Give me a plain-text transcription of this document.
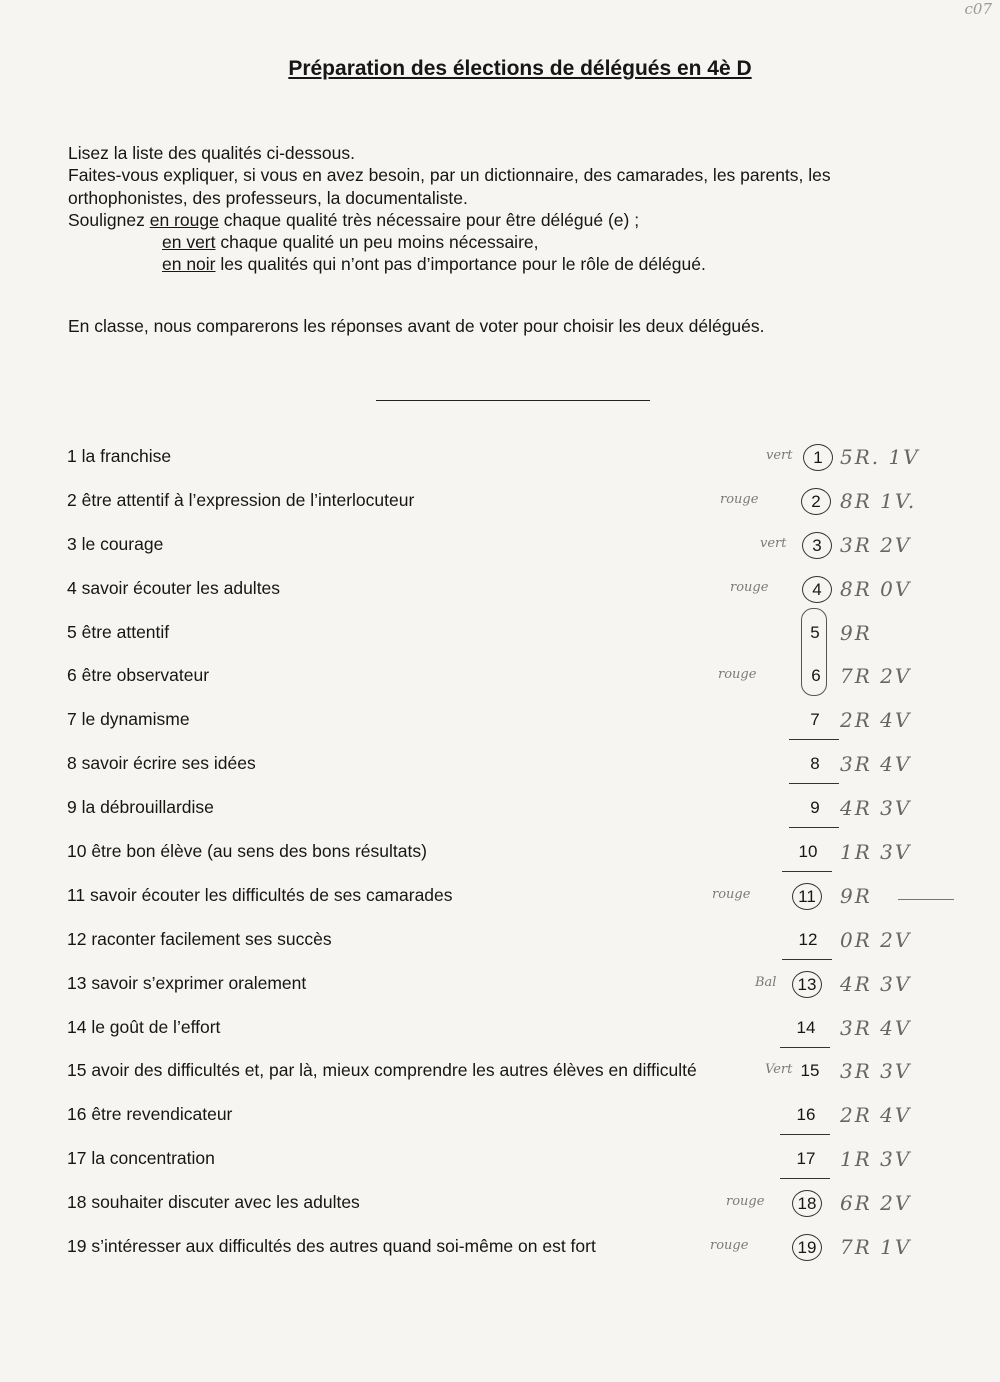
c07
Préparation des élections de délégués en 4è D
Lisez la liste des qualités ci-dessous.
Faites-vous expliquer, si vous en avez besoin, par un dictionnaire, des camarades, les parents, les
orthophonistes, des professeurs, la documentaliste.
Soulignez en rouge chaque qualité très nécessaire pour être délégué (e) ;
en vert chaque qualité un peu moins nécessaire,
en noir les qualités qui n’ont pas d’importance pour le rôle de délégué.
En classe, nous comparerons les réponses avant de voter pour choisir les deux délégués.
1 la franchise	vert	1 5R. 1V
2 être attentif à l’expression de l’interlocuteur	rouge	2 8R 1V.
3 le courage	vert	3 3R 2V
4 savoir écouter les adultes	rouge	4 8R 0V
5 être attentif	5	9R
6 être observateur	rouge	6 7R 2V
7 le dynamisme	7	2R 4V
8 savoir écrire ses idées	8	3R 4V
9 la débrouillardise	9	4R 3V
10 être bon élève (au sens des bons résultats)	10 1R 3V
11 savoir écouter les difficultés de ses camarades	rouge	11	9R
12 raconter facilement ses succès	12 0R 2V
13 savoir s’exprimer oralement	Bal	13 4R 3V
14 le goût de l’effort	14 3R 4V
15 avoir des difficultés et, par là, mieux comprendre les autres élèves en difficulté	Vert 15 3R 3V
16 être revendicateur	16 2R 4V
17 la concentration	17 1R 3V
18 souhaiter discuter avec les adultes	rouge	18 6R 2V
19 s’intéresser aux difficultés des autres quand soi-même on est fort	rouge	19 7R 1V
